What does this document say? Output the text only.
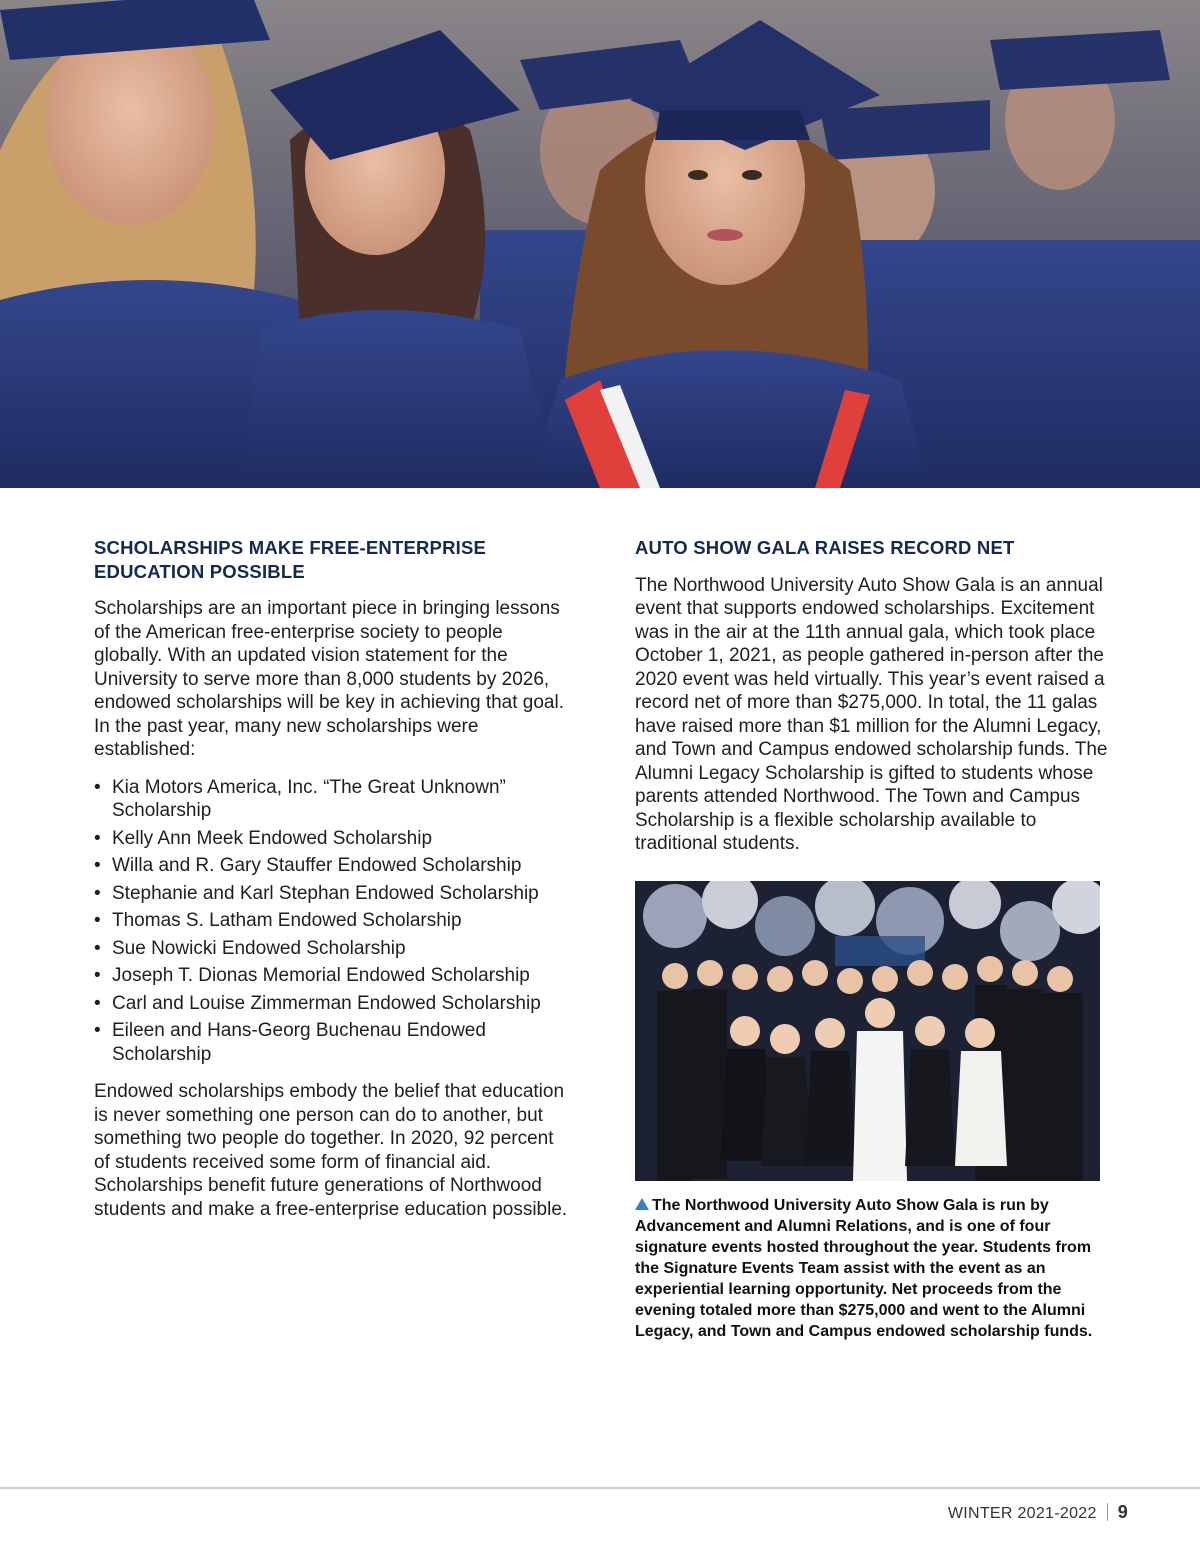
SCHOLARSHIPS MAKE FREE-ENTERPRISE EDUCATION POSSIBLE

Scholarships are an important piece in bringing lessons of the American free-enterprise society to people globally. With an updated vision statement for the University to serve more than 8,000 students by 2026, endowed scholarships will be key in achieving that goal. In the past year, many new scholarships were established:

• Kia Motors America, Inc. “The Great Unknown” Scholarship
• Kelly Ann Meek Endowed Scholarship
• Willa and R. Gary Stauffer Endowed Scholarship
• Stephanie and Karl Stephan Endowed Scholarship
• Thomas S. Latham Endowed Scholarship
• Sue Nowicki Endowed Scholarship
• Joseph T. Dionas Memorial Endowed Scholarship
• Carl and Louise Zimmerman Endowed Scholarship
• Eileen and Hans-Georg Buchenau Endowed Scholarship

Endowed scholarships embody the belief that education is never something one person can do to another, but something two people do together. In 2020, 92 percent of students received some form of financial aid. Scholarships benefit future generations of Northwood students and make a free-enterprise education possible.

AUTO SHOW GALA RAISES RECORD NET

The Northwood University Auto Show Gala is an annual event that supports endowed scholarships. Excitement was in the air at the 11th annual gala, which took place October 1, 2021, as people gathered in-person after the 2020 event was held virtually. This year’s event raised a record net of more than $275,000. In total, the 11 galas have raised more than $1 million for the Alumni Legacy, and Town and Campus endowed scholarship funds. The Alumni Legacy Scholarship is gifted to students whose parents attended Northwood. The Town and Campus Scholarship is a flexible scholarship available to traditional students.

The Northwood University Auto Show Gala is run by Advancement and Alumni Relations, and is one of four signature events hosted throughout the year. Students from the Signature Events Team assist with the event as an experiential learning opportunity. Net proceeds from the evening totaled more than $275,000 and went to the Alumni Legacy, and Town and Campus endowed scholarship funds.

WINTER 2021-2022 9
